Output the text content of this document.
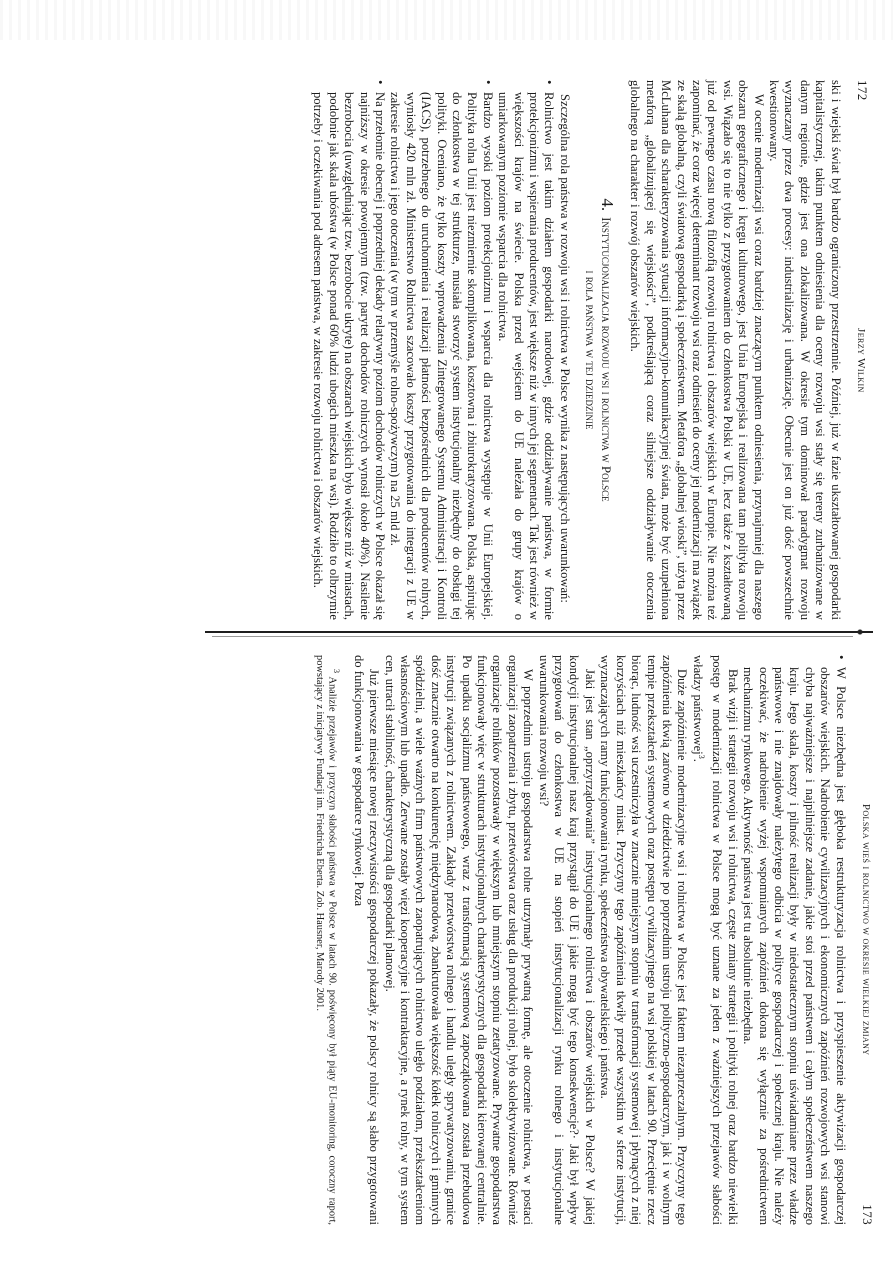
172
Jerzy Wilkin

ski i wiejski świat był bardzo ograniczony przestrzennie. Później, już w fazie ukształtowanej gospodarki kapitalistycznej, takim punktem odniesienia dla oceny rozwoju wsi stały się tereny zurbanizowane w danym regionie, gdzie jest ona zlokalizowana. W okresie tym dominował paradygmat rozwoju wyznaczany przez dwa procesy: industrializację i urbanizację. Obecnie jest on już dość powszechnie kwestionowany.

W ocenie modernizacji wsi coraz bardziej znaczącym punktem odniesienia, przynajmniej dla naszego obszaru geograficznego i kręgu kulturowego, jest Unia Europejska i realizowana tam polityka rozwoju wsi. Wiązało się to nie tylko z przygotowaniem do członkostwa Polski w UE, lecz także z kształtowaną już od pewnego czasu nową filozofią rozwoju rolnictwa i obszarów wiejskich w Europie. Nie można też zapominać, że coraz więcej determinant rozwoju wsi oraz odniesień do oceny jej modernizacji ma związek ze skalą globalną, czyli światową gospodarką i społeczeństwem. Metafora „globalnej wioski”, użyta przez McLuhana dla scharakteryzowania sytuacji informacyjno-komunikacyjnej świata, może być uzupełniona metaforą „globalizującej się wiejskości”, podkreślającą coraz silniejsze oddziaływanie otoczenia globalnego na charakter i rozwój obszarów wiejskich.

4.Instytucjonalizacja rozwoju wsi i rolnictwa w Polsce
i rola państwa w tej dziedzinie

Szczególna rola państwa w rozwoju wsi i rolnictwa w Polsce wynika z następujących uwarunkowań:

• Rolnictwo jest takim działem gospodarki narodowej, gdzie oddziaływanie państwa, w formie protekcjonizmu i wspierania producentów, jest większe niż w innych jej segmentach. Tak jest również w większości krajów na świecie. Polska przed wejściem do UE należała do grupy krajów o umiarkowanym poziomie wsparcia dla rolnictwa.
• Bardzo wysoki poziom protekcjonizmu i wsparcia dla rolnictwa występuje w Unii Europejskiej. Polityka rolna Unii jest niezmiernie skomplikowana, kosztowna i zbiurokratyzowana. Polska, aspirując do członkostwa w tej strukturze, musiała stworzyć system instytucjonalny niezbędny do obsługi tej polityki. Oceniano, że tylko koszty wprowadzenia Zintegrowanego Systemu Administracji i Kontroli (IACS), potrzebnego do uruchomienia i realizacji płatności bezpośrednich dla producentów rolnych, wyniosły 420 mln zł. Ministerstwo Rolnictwa szacowało koszty przygotowania do integracji z UE w zakresie rolnictwa i jego otoczenia (w tym w przemyśle rolno-spożywczym) na 25 mld zł.
• Na przełomie obecnej i poprzedniej dekady relatywny poziom dochodów rolniczych w Polsce okazał się najniższy w okresie powojennym (tzw. parytet dochodów rolniczych wynosił około 40%). Nasilenie bezrobocia (uwzględniając tzw. bezrobocie ukryte) na obszarach wiejskich było większe niż w miastach, podobnie jak skala ubóstwa (w Polsce ponad 60% ludzi ubogich mieszka na wsi). Rodziło to olbrzymie potrzeby i oczekiwania pod adresem państwa, w zakresie rozwoju rolnictwa i obszarów wiejskich.
Polska wieś i rolnictwo w okresie wielkiej zmiany
173
• W Polsce niezbędna jest głęboka restrukturyzacja rolnictwa i przyspieszenie aktywizacji gospodarczej obszarów wiejskich. Nadrobienie cywilizacyjnych i ekonomicznych zapóźnień rozwojowych wsi stanowi chyba najważniejsze i najpilniejsze zadanie, jakie stoi przed państwem i całym społeczeństwem naszego kraju. Jego skala, koszty i pilność realizacji były w niedostatecznym stopniu uświadamiane przez władze państwowe i nie znajdowały należytego odbicia w polityce gospodarczej i społecznej kraju. Nie należy oczekiwać, że nadrobienie wyżej wspomnianych zapóźnień dokona się wyłącznie za pośrednictwem mechanizmu rynkowego. Aktywność państwa jest tu absolutnie niezbędna.

Brak wizji i strategii rozwoju wsi i rolnictwa, częste zmiany strategii i polityki rolnej oraz bardzo niewielki postęp w modernizacji rolnictwa w Polsce mogą być uznane za jeden z ważniejszych przejawów słabości władzy państwowej$^3$.

Duże zapóźnienie modernizacyjne wsi i rolnictwa w Polsce jest faktem niezaprzeczalnym. Przyczyny tego zapóźnienia tkwią zarówno w dziedzictwie po poprzednim ustroju polityczno-gospodarczym, jak i w wolnym tempie przekształceń systemowych oraz postępu cywilizacyjnego na wsi polskiej w latach 90. Przeciętnie rzecz biorąc, ludność wsi uczestniczyła w znacznie mniejszym stopniu w transformacji systemowej i płynących z niej korzyściach niż mieszkańcy miast. Przyczyny tego zapóźnienia tkwiły przede wszystkim w sferze instytucji, wyznaczających ramy funkcjonowania rynku, społeczeństwa obywatelskiego i państwa.

Jaki jest stan „oprzyrządowania” instytucjonalnego rolnictwa i obszarów wiejskich w Polsce? W jakiej kondycji instytucjonalnej nasz kraj przystąpił do UE i jakie mogą być tego konsekwencje?· Jaki był wpływ przygotowań do członkostwa w UE na stopień instytucjonalizacji rynku rolnego i instytucjonalne uwarunkowania rozwoju wsi?

W poprzednim ustroju gospodarstwa rolne utrzymały prywatną formę, ale otoczenie rolnictwa, w postaci organizacji zaopatrzenia i zbytu, przetwórstwa oraz usług dla produkcji rolnej, było skolektywizowane. Również organizacje rolników pozostawały w większym lub mniejszym stopniu zetatyzowane. Prywatne gospodarstwa funkcjonowały więc w strukturach instytucjonalnych charakterystycznych dla gospodarki kierowanej centralnie. Po upadku socjalizmu państwowego, wraz z transformacją systemową zapoczątkowana została przebudowa instytucji związanych z rolnictwem. Zakłady przetwórstwa rolnego i handlu uległy sprywatyzowaniu, granice dość znacznie otwarto na konkurencję międzynarodową, zbankrutowała większość kółek rolniczych i gminnych spółdzielni, a wiele ważnych firm państwowych zaopatrujących rolnictwo uległo podziałom, przekształceniom własnościowym lub upadło. Zerwane zostały więzi kooperacyjne i kontraktacyjne, a rynek rolny, w tym system cen, utracił stabilność, charakterystyczną dla gospodarki planowej.

Już pierwsze miesiące nowej rzeczywistości gospodarczej pokazały, że polscy rolnicy są słabo przygotowani do funkcjonowania w gospodarce rynkowej. Poza

$^3$ Analizie przejawów i przyczyn słabości państwa w Polsce w latach 90. poświęcony był piąty EU-monitoring, coroczny raport, powstający z inicjatywy Fundacji im. Friedricha Eberta. Zob. Hausner, Marody 2001.
